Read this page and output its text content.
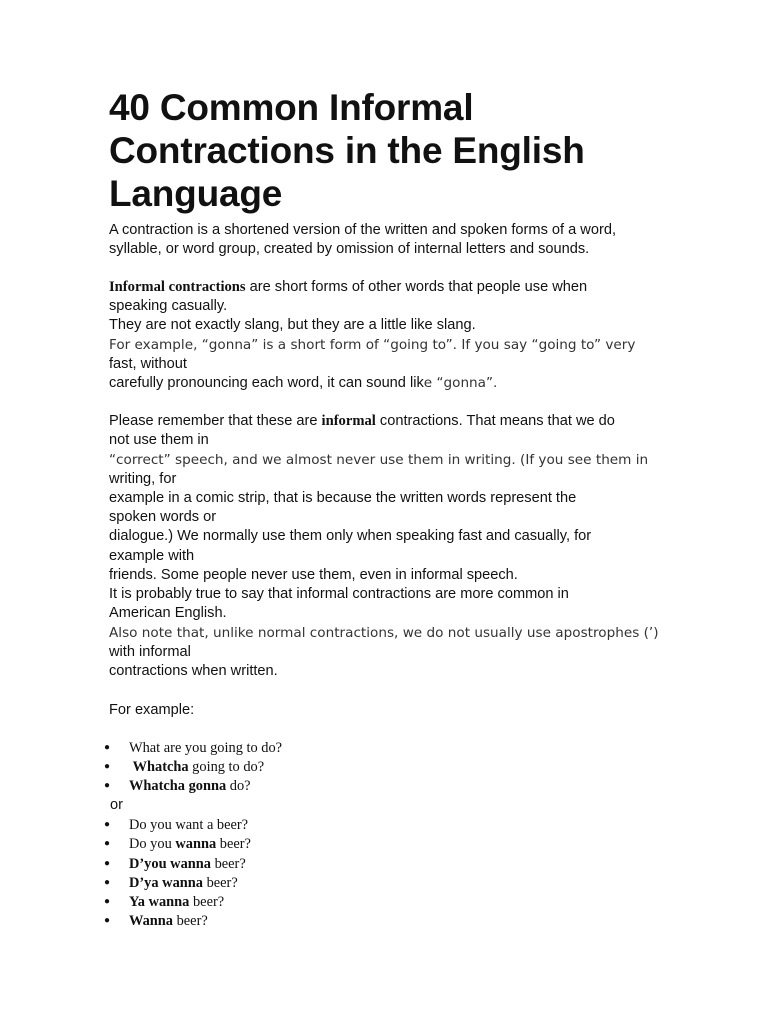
40 Common Informal
Contractions in the English
Language
A contraction is a shortened version of the written and spoken forms of a word,
syllable, or word group, created by omission of internal letters and sounds.
Informal contractions are short forms of other words that people use when
speaking casually.
They are not exactly slang, but they are a little like slang.
For example, “gonna” is a short form of “going to”. If you say “going to” very
fast, without
carefully pronouncing each word, it can sound like “gonna”.
Please remember that these are informal contractions. That means that we do
not use them in
“correct” speech, and we almost never use them in writing. (If you see them in
writing, for
example in a comic strip, that is because the written words represent the
spoken words or
dialogue.) We normally use them only when speaking fast and casually, for
example with
friends. Some people never use them, even in informal speech.
It is probably true to say that informal contractions are more common in
American English.
Also note that, unlike normal contractions, we do not usually use apostrophes (’)
with informal
contractions when written.
For example:
● What are you going to do?
● Whatcha going to do?
● Whatcha gonna do?
or
● Do you want a beer?
● Do you wanna beer?
● D’you wanna beer?
● D’ya wanna beer?
● Ya wanna beer?
● Wanna beer?
